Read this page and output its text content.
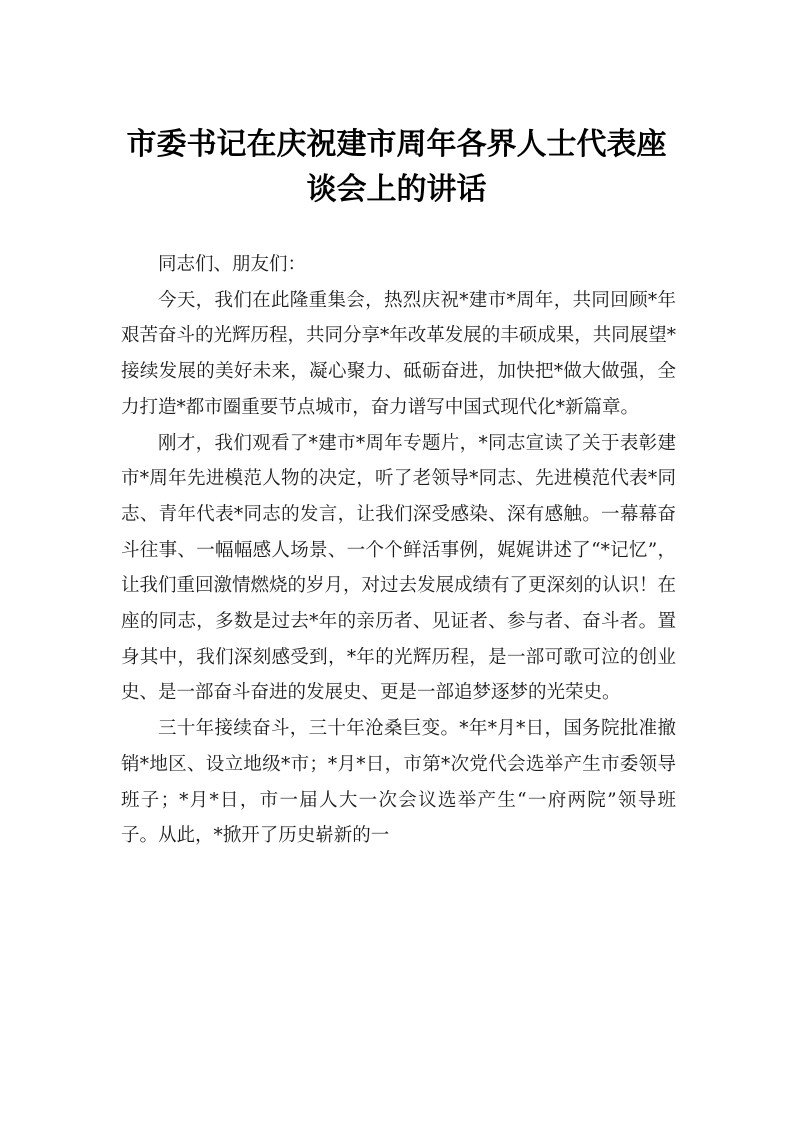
市委书记在庆祝建市周年各界人士代表座
谈会上的讲话

同志们、朋友们：

今天，我们在此隆重集会，热烈庆祝*建市*周年，共同回顾*年艰苦奋斗的光辉历程，共同分享*年改革发展的丰硕成果，共同展望*接续发展的美好未来，凝心聚力、砥砺奋进，加快把*做大做强，全力打造*都市圈重要节点城市，奋力谱写中国式现代化*新篇章。

刚才，我们观看了*建市*周年专题片，*同志宣读了关于表彰建市*周年先进模范人物的决定，听了老领导*同志、先进模范代表*同志、青年代表*同志的发言，让我们深受感染、深有感触。一幕幕奋斗往事、一幅幅感人场景、一个个鲜活事例，娓娓讲述了“*记忆”，让我们重回激情燃烧的岁月，对过去发展成绩有了更深刻的认识！在座的同志，多数是过去*年的亲历者、见证者、参与者、奋斗者。置身其中，我们深刻感受到，*年的光辉历程，是一部可歌可泣的创业史、是一部奋斗奋进的发展史、更是一部追梦逐梦的光荣史。

三十年接续奋斗，三十年沧桑巨变。*年*月*日，国务院批准撤销*地区、设立地级*市；*月*日，市第*次党代会选举产生市委领导班子；*月*日，市一届人大一次会议选举产生“一府两院”领导班子。从此，*掀开了历史崭新的一
